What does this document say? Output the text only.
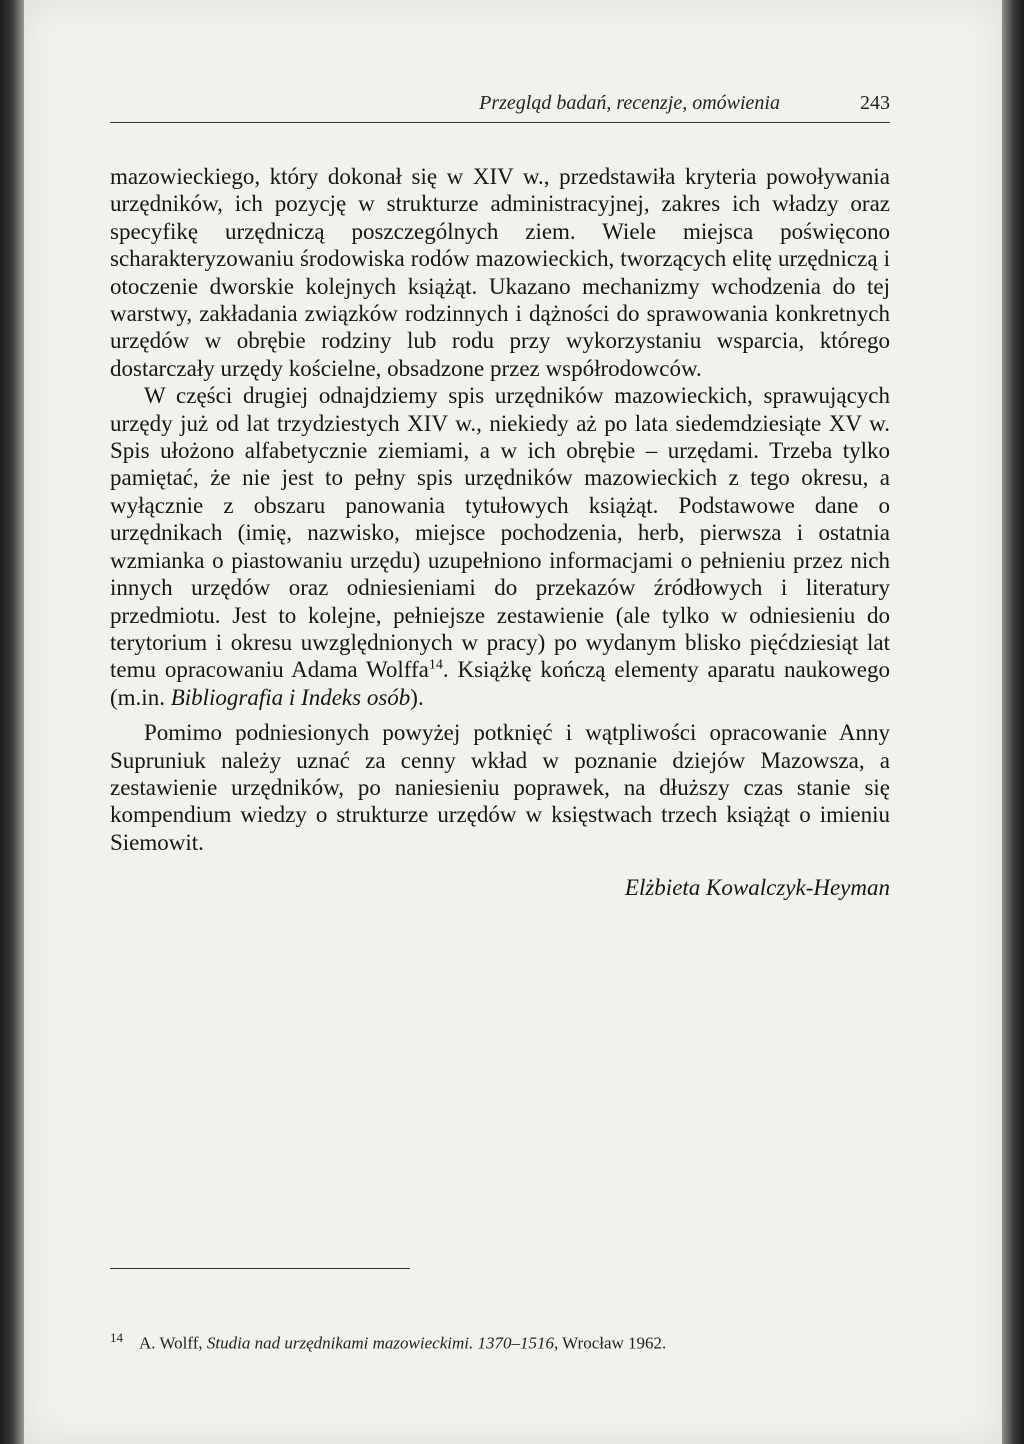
Przegląd badań, recenzje, omówienia	243

mazowieckiego, który dokonał się w XIV w., przedstawiła kryteria powoływania urzędników, ich pozycję w strukturze administracyjnej, zakres ich władzy oraz specyfikę urzędniczą poszczególnych ziem. Wiele miejsca poświęcono scharakteryzowaniu środowiska rodów mazowieckich, tworzących elitę urzędniczą i otoczenie dworskie kolejnych książąt. Ukazano mechanizmy wchodzenia do tej warstwy, zakładania związków rodzinnych i dążności do sprawowania konkretnych urzędów w obrębie rodziny lub rodu przy wykorzystaniu wsparcia, którego dostarczały urzędy kościelne, obsadzone przez współrodowców.

W części drugiej odnajdziemy spis urzędników mazowieckich, sprawujących urzędy już od lat trzydziestych XIV w., niekiedy aż po lata siedemdziesiąte XV w. Spis ułożono alfabetycznie ziemiami, a w ich obrębie – urzędami. Trzeba tylko pamiętać, że nie jest to pełny spis urzędników mazowieckich z tego okresu, a wyłącznie z obszaru panowania tytułowych książąt. Podstawowe dane o urzędnikach (imię, nazwisko, miejsce pochodzenia, herb, pierwsza i ostatnia wzmianka o piastowaniu urzędu) uzupełniono informacjami o pełnieniu przez nich innych urzędów oraz odniesieniami do przekazów źródłowych i literatury przedmiotu. Jest to kolejne, pełniejsze zestawienie (ale tylko w odniesieniu do terytorium i okresu uwzględnionych w pracy) po wydanym blisko pięćdziesiąt lat temu opracowaniu Adama Wolffa$^{14}$. Książkę kończą elementy aparatu naukowego (m.in. Bibliografia i Indeks osób).

Pomimo podniesionych powyżej potknięć i wątpliwości opracowanie Anny Supruniuk należy uznać za cenny wkład w poznanie dziejów Mazowsza, a zestawienie urzędników, po naniesieniu poprawek, na dłuższy czas stanie się kompendium wiedzy o strukturze urzędów w księstwach trzech książąt o imieniu Siemowit.

Elżbieta Kowalczyk-Heyman

$^{14}$ A. Wolff, Studia nad urzędnikami mazowieckimi. 1370–1516, Wrocław 1962.
